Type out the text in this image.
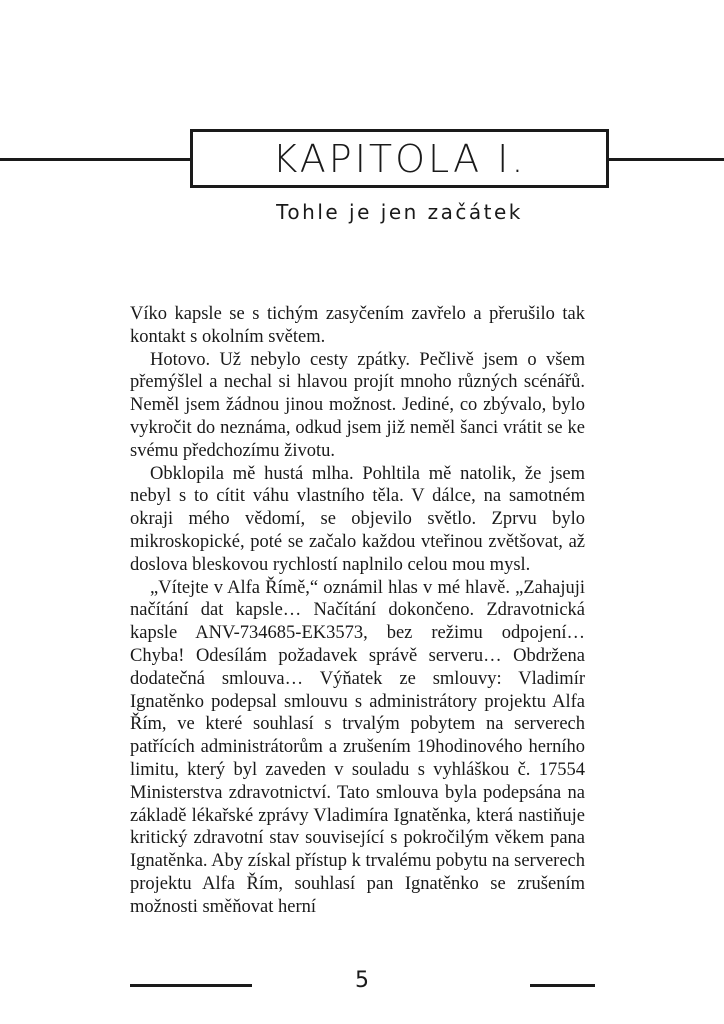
KAPITOLA I.
Tohle je jen začátek

Víko kapsle se s tichým zasyčením zavřelo a přerušilo tak kontakt s okolním světem.

Hotovo. Už nebylo cesty zpátky. Pečlivě jsem o všem přemýšlel a nechal si hlavou projít mnoho různých scénářů. Neměl jsem žádnou jinou možnost. Jediné, co zbývalo, bylo vykročit do neznáma, odkud jsem již neměl šanci vrátit se ke svému předchozímu životu.

Obklopila mě hustá mlha. Pohltila mě natolik, že jsem nebyl s to cítit váhu vlastního těla. V dálce, na samotném okraji mého vědomí, se objevilo světlo. Zprvu bylo mikroskopické, poté se začalo každou vteřinou zvětšovat, až doslova bleskovou rychlostí naplnilo celou mou mysl.

„Vítejte v Alfa Římě,“ oznámil hlas v mé hlavě. „Zahajuji načítání dat kapsle… Načítání dokončeno. Zdravotnická kapsle ANV-734685-EK3573, bez režimu odpojení… Chyba! Odesílám požadavek správě serveru… Obdržena dodatečná smlouva… Výňatek ze smlouvy: Vladimír Ignatěnko podepsal smlouvu s administrátory projektu Alfa Řím, ve které souhlasí s trvalým pobytem na serverech patřících administrátorům a zrušením 19hodinového herního limitu, který byl zaveden v souladu s vyhláškou č. 17554 Ministerstva zdravotnictví. Tato smlouva byla podepsána na základě lékařské zprávy Vladimíra Ignatěnka, která nastiňuje kritický zdravotní stav související s pokročilým věkem pana Ignatěnka. Aby získal přístup k trvalému pobytu na serverech projektu Alfa Řím, souhlasí pan Ignatěnko se zrušením možnosti směňovat herní

5
